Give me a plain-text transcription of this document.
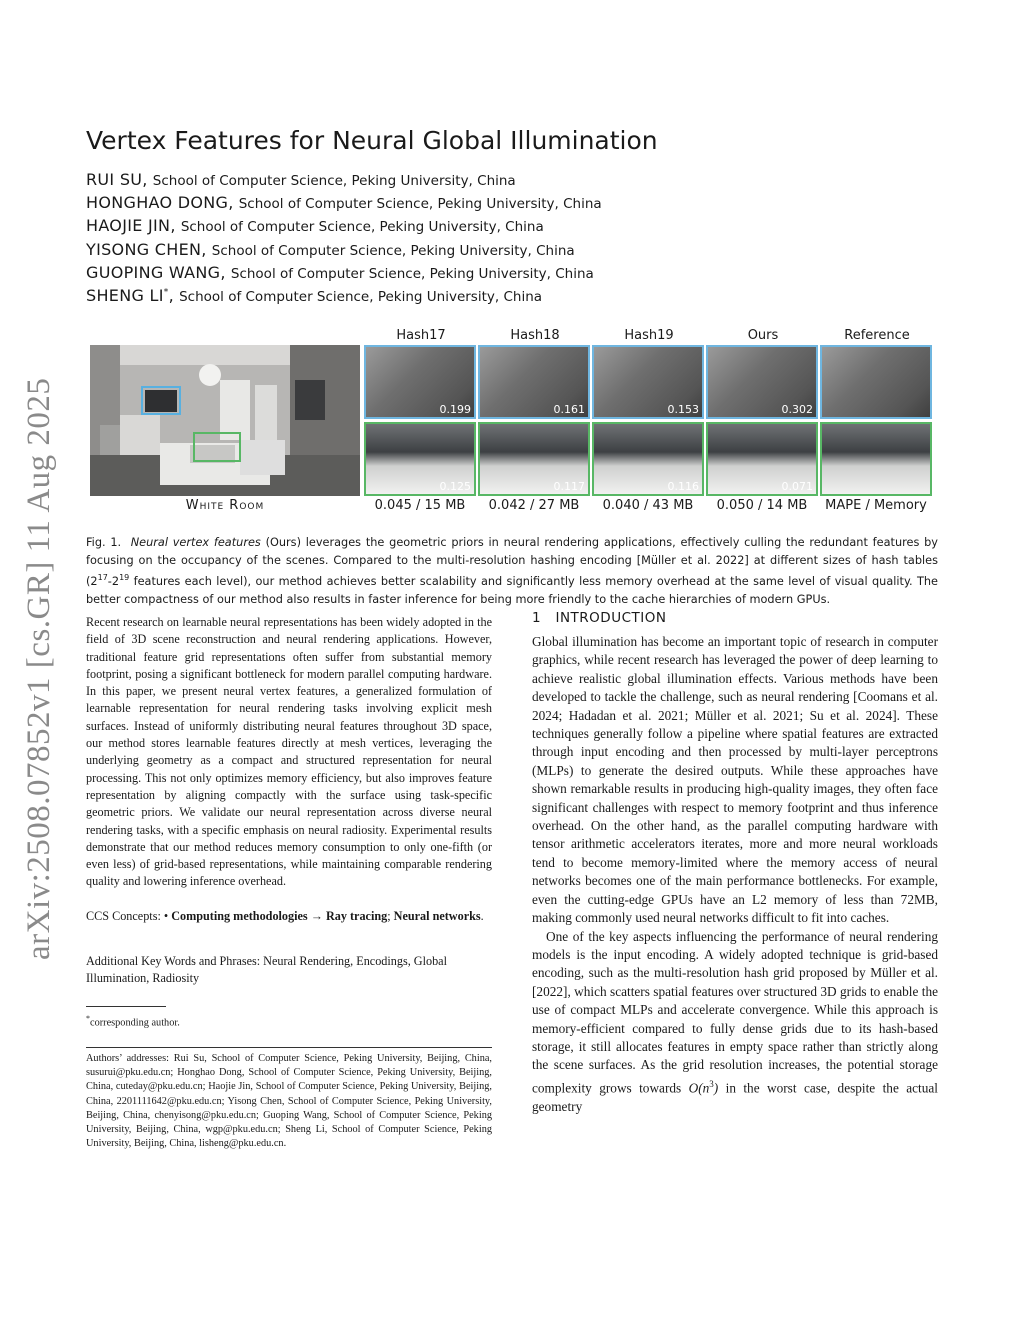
arXiv:2508.07852v1 [cs.GR] 11 Aug 2025
Vertex Features for Neural Global Illumination
RUI SU, School of Computer Science, Peking University, China
HONGHAO DONG, School of Computer Science, Peking University, China
HAOJIE JIN, School of Computer Science, Peking University, China
YISONG CHEN, School of Computer Science, Peking University, China
GUOPING WANG, School of Computer Science, Peking University, China
SHENG LI*, School of Computer Science, Peking University, China
Hash17	Hash18	Hash19	Ours	Reference
0.199	0.161	0.153	0.302
0.125	0.117	0.116	0.071
White Room	0.045 / 15 MB	0.042 / 27 MB	0.040 / 43 MB	0.050 / 14 MB	MAPE / Memory
Fig. 1. Neural vertex features (Ours) leverages the geometric priors in neural rendering applications, effectively culling the redundant features by focusing on the occupancy of the scenes. Compared to the multi-resolution hashing encoding [Müller et al. 2022] at different sizes of hash tables ($2^{17}-2^{19}$ features each level), our method achieves better scalability and significantly less memory overhead at the same level of visual quality. The better compactness of our method also results in faster inference for being more friendly to the cache hierarchies of modern GPUs.

Recent research on learnable neural representations has been widely adopted in the field of 3D scene reconstruction and neural rendering applications. However, traditional feature grid representations often suffer from substantial memory footprint, posing a significant bottleneck for modern parallel computing hardware. In this paper, we present neural vertex features, a generalized formulation of learnable representation for neural rendering tasks involving explicit mesh surfaces. Instead of uniformly distributing neural features throughout 3D space, our method stores learnable features directly at mesh vertices, leveraging the underlying geometry as a compact and structured representation for neural processing. This not only optimizes memory efficiency, but also improves feature representation by aligning compactly with the surface using task-specific geometric priors. We validate our neural representation across diverse neural rendering tasks, with a specific emphasis on neural radiosity. Experimental results demonstrate that our method reduces memory consumption to only one-fifth (or even less) of grid-based representations, while maintaining comparable rendering quality and lowering inference overhead.

CCS Concepts: • Computing methodologies → Ray tracing; Neural networks.
Additional Key Words and Phrases: Neural Rendering, Encodings, Global Illumination, Radiosity
*corresponding author.
Authors’ addresses: Rui Su, School of Computer Science, Peking University, Beijing, China, susurui@pku.edu.cn; Honghao Dong, School of Computer Science, Peking University, Beijing, China, cuteday@pku.edu.cn; Haojie Jin, School of Computer Science, Peking University, Beijing, China, 2201111642@pku.edu.cn; Yisong Chen, School of Computer Science, Peking University, Beijing, China, chenyisong@pku.edu.cn; Guoping Wang, School of Computer Science, Peking University, Beijing, China, wgp@pku.edu.cn; Sheng Li, School of Computer Science, Peking University, Beijing, China, lisheng@pku.edu.cn.
1 INTRODUCTION

Global illumination has become an important topic of research in computer graphics, while recent research has leveraged the power of deep learning to achieve realistic global illumination effects. Various methods have been developed to tackle the challenge, such as neural rendering [Coomans et al. 2024; Hadadan et al. 2021; Müller et al. 2021; Su et al. 2024]. These techniques generally follow a pipeline where spatial features are extracted through input encoding and then processed by multi-layer perceptrons (MLPs) to generate the desired outputs. While these approaches have shown remarkable results in producing high-quality images, they often face significant challenges with respect to memory footprint and thus inference overhead. On the other hand, as the parallel computing hardware with tensor arithmetic accelerators iterates, more and more neural workloads tend to become memory-limited where the memory access of neural networks becomes one of the main performance bottlenecks. For example, even the cutting-edge GPUs have an L2 memory of less than 72MB, making commonly used neural networks difficult to fit into caches.

One of the key aspects influencing the performance of neural rendering models is the input encoding. A widely adopted technique is grid-based encoding, such as the multi-resolution hash grid proposed by Müller et al. [2022], which scatters spatial features over structured 3D grids to enable the use of compact MLPs and accelerate convergence. While this approach is memory-efficient compared to fully dense grids due to its hash-based storage, it still allocates features in empty space rather than strictly along the scene surfaces. As the grid resolution increases, the potential storage complexity grows towards $O(n^3)$ in the worst case, despite the actual geometry
